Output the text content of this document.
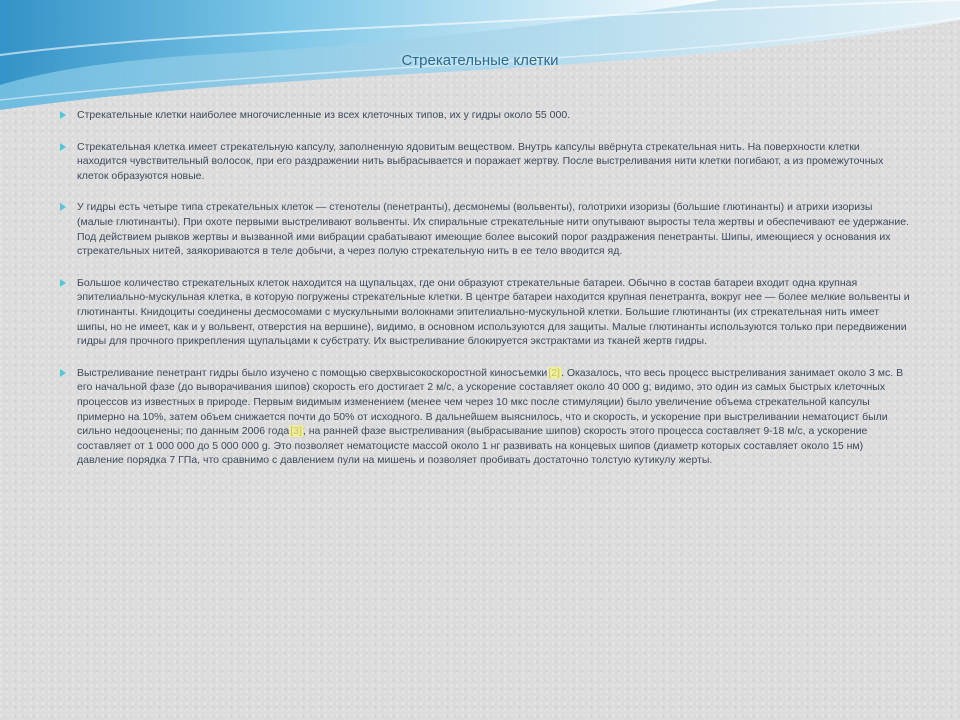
Стрекательные клетки
Стрекательные клетки наиболее многочисленные из всех клеточных типов, их у гидры около 55 000.
Стрекательная клетка имеет стрекательную капсулу, заполненную ядовитым веществом. Внутрь капсулы ввёрнута стрекательная нить. На поверхности клетки находится чувствительный волосок, при его раздражении нить выбрасывается и поражает жертву. После выстреливания нити клетки погибают, а из промежуточных клеток образуются новые.
У гидры есть четыре типа стрекательных клеток — стенотелы (пенетранты), десмонемы (вольвенты), голотрихи изоризы (большие глютинанты) и атрихи изоризы (малые глютинанты). При охоте первыми выстреливают вольвенты. Их спиральные стрекательные нити опутывают выросты тела жертвы и обеспечивают ее удержание. Под действием рывков жертвы и вызванной ими вибрации срабатывают имеющие более высокий порог раздражения пенетранты. Шипы, имеющиеся у основания их стрекательных нитей, заякориваются в теле добычи, а через полую стрекательную нить в ее тело вводится яд.
Большое количество стрекательных клеток находится на щупальцах, где они образуют стрекательные батареи. Обычно в состав батареи входит одна крупная эпителиально-мускульная клетка, в которую погружены стрекательные клетки. В центре батареи находится крупная пенетранта, вокруг нее — более мелкие вольвенты и глютинанты. Книдоциты соединены десмосомами с мускульными волокнами эпителиально-мускульной клетки. Большие глютинанты (их стрекательная нить имеет шипы, но не имеет, как и у вольвент, отверстия на вершине), видимо, в основном используются для защиты. Малые глютинанты используются только при передвижении гидры для прочного прикрепления щупальцами к субстрату. Их выстреливание блокируется экстрактами из тканей жертв гидры.
Выстреливание пенетрант гидры было изучено с помощью сверхвысокоскоростной киносъемки[2]. Оказалось, что весь процесс выстреливания занимает около 3 мс. В его начальной фазе (до выворачивания шипов) скорость его достигает 2 м/с, а ускорение составляет около 40 000 g; видимо, это один из самых быстрых клеточных процессов из известных в природе. Первым видимым изменением (менее чем через 10 мкс после стимуляции) было увеличение объема стрекательной капсулы примерно на 10%, затем объем снижается почти до 50% от исходного. В дальнейшем выяснилось, что и скорость, и ускорение при выстреливании нематоцист были сильно недооценены; по данным 2006 года[3], на ранней фазе выстреливания (выбрасывание шипов) скорость этого процесса составляет 9-18 м/с, а ускорение составляет от 1 000 000 до 5 000 000 g. Это позволяет нематоцисте массой около 1 нг развивать на концевых шипов (диаметр которых составляет около 15 нм) давление порядка 7 ГПа, что сравнимо с давлением пули на мишень и позволяет пробивать достаточно толстую кутикулу жерты.
